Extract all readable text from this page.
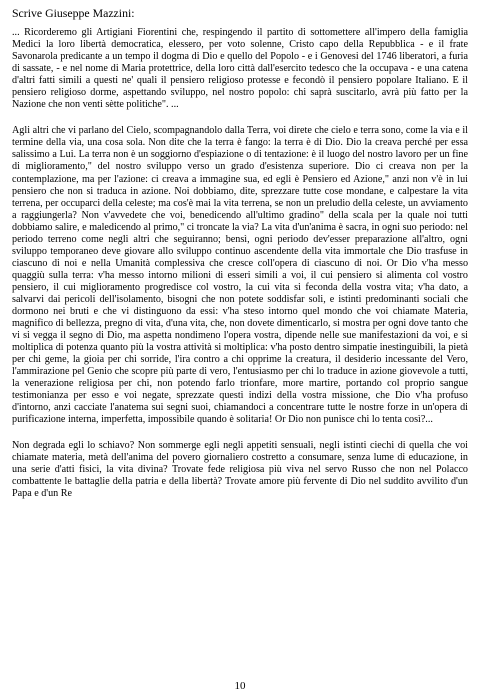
Scrive Giuseppe Mazzini:

... Ricorderemo gli Artigiani Fiorentini che, respingendo il partito di sottomettere all'impero della famiglia Medici la loro libertà democratica, elessero, per voto solenne, Cristo capo della Repubblica - e il frate Savonarola predicante a un tempo il dogma di Dio e quello del Popolo - e i Genovesi del 1746 liberatori, a furia di sassate, - e nel nome di Maria protettrice, della loro città dall'esercito tedesco che la occupava - e una catena d'altri fatti simili a questi ne' quali il pensiero religioso protesse e fecondò il pensiero popolare Italiano. E il pensiero religioso dorme, aspettando sviluppo, nel nostro popolo: chi saprà suscitarlo, avrà più fatto per la Nazione che non venti sètte politiche". ...

Agli altri che vi parlano del Cielo, scompagnandolo dalla Terra, voi direte che cielo e terra sono, come la via e il termine della via, una cosa sola. Non dite che la terra è fango: la terra è di Dio. Dio la creava perché per essa salissimo a Lui. La terra non è un soggiorno d'espiazione o di tentazione: è il luogo del nostro lavoro per un fine di miglioramento," del nostro sviluppo verso un grado d'esistenza superiore. Dio ci creava non per la contemplazione, ma per l'azione: ci creava a immagine sua, ed egli è Pensiero ed Azione," anzi non v'è in lui pensiero che non si traduca in azione. Noi dobbiamo, dite, sprezzare tutte cose mondane, e calpestare la vita terrena, per occuparci della celeste; ma cos'è mai la vita terrena, se non un preludio della celeste, un avviamento a raggiungerla? Non v'avvedete che voi, benedicendo all'ultimo gradino" della scala per la quale noi tutti dobbiamo salire, e maledicendo al primo," ci troncate la via? La vita d'un'anima è sacra, in ogni suo periodo: nel periodo terreno come negli altri che seguiranno; bensì, ogni periodo dev'esser preparazione all'altro, ogni sviluppo temporaneo deve giovare allo sviluppo continuo ascendente della vita immortale che Dio trasfuse in ciascuno di noi e nella Umanità complessiva che cresce coll'opera di ciascuno di noi. Or Dio v'ha messo quaggiù sulla terra: v'ha messo intorno milioni di esseri simili a voi, il cui pensiero si alimenta col vostro pensiero, il cui miglioramento progredisce col vostro, la cui vita si feconda della vostra vita; v'ha dato, a salvarvi dai pericoli dell'isolamento, bisogni che non potete soddisfar soli, e istinti predominanti sociali che dormono nei bruti e che vi distinguono da essi: v'ha steso intorno quel mondo che voi chiamate Materia, magnifico di bellezza, pregno di vita, d'una vita, che, non dovete dimenticarlo, si mostra per ogni dove tanto che vi si vegga il segno di Dio, ma aspetta nondimeno l'opera vostra, dipende nelle sue manifestazioni da voi, e si moltiplica di potenza quanto più la vostra attività si moltiplica: v'ha posto dentro simpatie inestinguibili, la pietà per chi geme, la gioia per chi sorride, l'ira contro a chi opprime la creatura, il desiderio incessante del Vero, l'ammirazione pel Genio che scopre più parte di vero, l'entusiasmo per chi lo traduce in azione giovevole a tutti, la venerazione religiosa per chi, non potendo farlo trionfare, more martire, portando col proprio sangue testimonianza per esso e voi negate, sprezzate questi indizi della vostra missione, che Dio v'ha profuso d'intorno, anzi cacciate l'anatema sui segni suoi, chiamandoci a concentrare tutte le nostre forze in un'opera di purificazione interna, imperfetta, impossibile quando è solitaria! Or Dio non punisce chi lo tenta così?...

Non degrada egli lo schiavo? Non sommerge egli negli appetiti sensuali, negli istinti ciechi di quella che voi chiamate materia, metà dell'anima del povero giornaliero costretto a consumare, senza lume di educazione, in una serie d'atti fisici, la vita divina? Trovate fede religiosa più viva nel servo Russo che non nel Polacco combattente le battaglie della patria e della libertà? Trovate amore più fervente di Dio nel suddito avvilito d'un Papa e d'un Re

10
